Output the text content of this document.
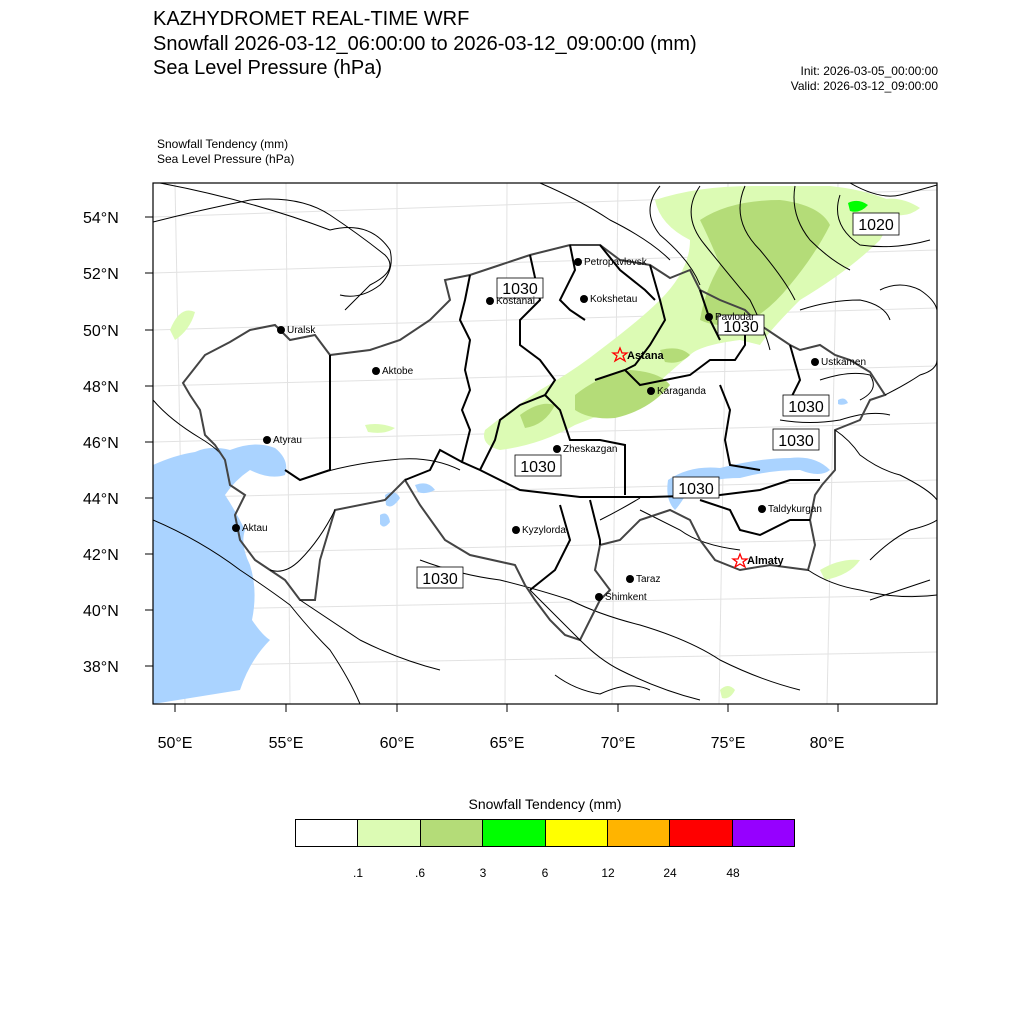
KAZHYDROMET REAL-TIME WRF
Snowfall 2026-03-12_06:00:00 to 2026-03-12_09:00:00 (mm)
Sea Level Pressure (hPa)	Init: 2026-03-05_00:00:00
Valid: 2026-03-12_09:00:00
Snowfall Tendency (mm)
Sea Level Pressure (hPa)
54°N
52°N
50°N
48°N
46°N
44°N
42°N
40°N
38°N
50°E	55°E	60°E	65°E	70°E	75°E	80°E
1030
1020
1030
1030
1030
1030
1030
1030
Petropavlovsk
Kostanai	Kokshetau
Uralsk
Aktobe
Pavlodar
Ustkamen
Karaganda
Atyrau
Zheskazgan
Aktau	Kyzylorda
Taldykurgan
Taraz
Shimkent
Astana
Almaty
Snowfall Tendency (mm)
.1	.6	3	6	12	24	48
